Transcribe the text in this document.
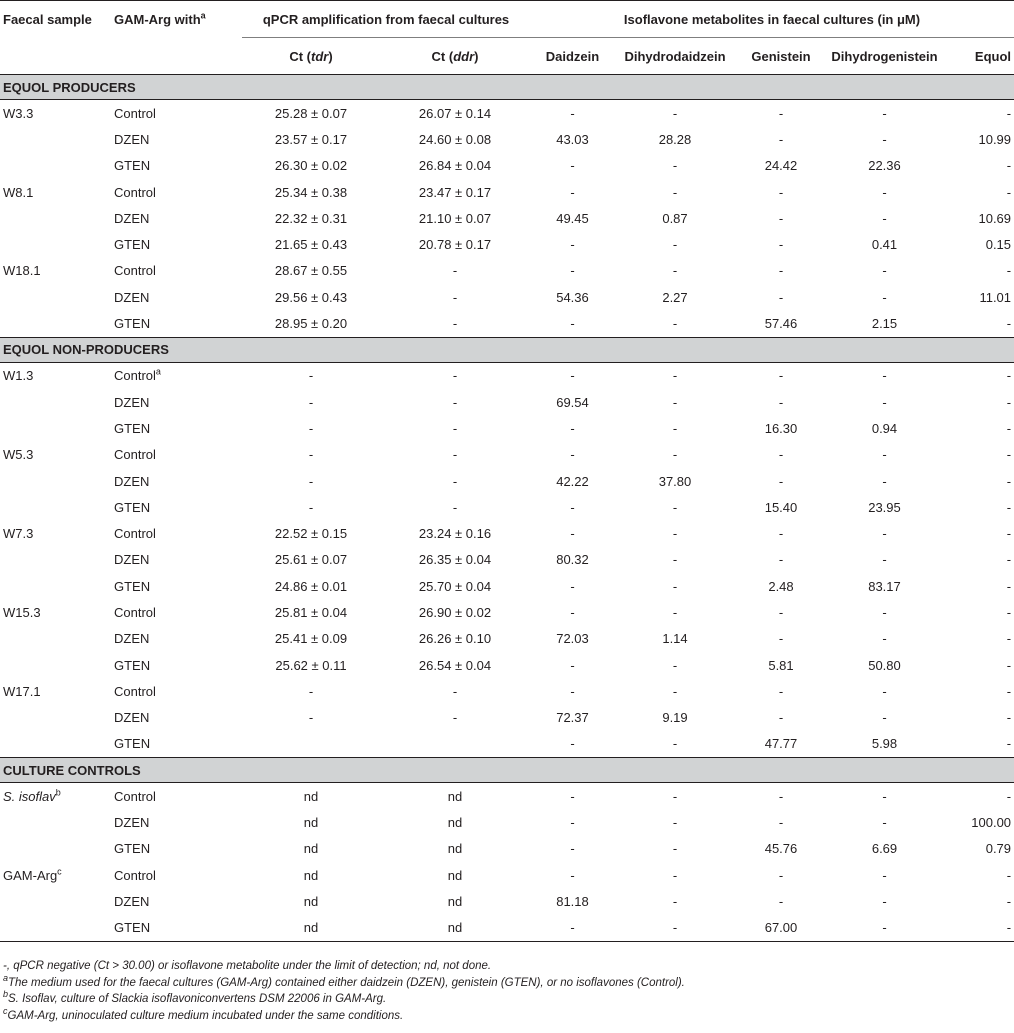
Faecal sample	GAM-Arg with$^a$	qPCR amplification from faecal cultures		Isoflavone metabolites in faecal cultures (in μM)				
		Ct (tdr)	Ct (ddr)	Daidzein	Dihydrodaidzein	Genistein	Dihydrogenistein	Equol
EQUOL PRODUCERS								
W3.3	Control	25.28 ± 0.07	26.07 ± 0.14	-	-	-	-	-
	DZEN	23.57 ± 0.17	24.60 ± 0.08	43.03	28.28	-	-	10.99
	GTEN	26.30 ± 0.02	26.84 ± 0.04	-	-	24.42	22.36	-
W8.1	Control	25.34 ± 0.38	23.47 ± 0.17	-	-	-	-	-
	DZEN	22.32 ± 0.31	21.10 ± 0.07	49.45	0.87	-	-	10.69
	GTEN	21.65 ± 0.43	20.78 ± 0.17	-	-	-	0.41	0.15
W18.1	Control	28.67 ± 0.55	-	-	-	-	-	-
	DZEN	29.56 ± 0.43	-	54.36	2.27	-	-	11.01
	GTEN	28.95 ± 0.20	-	-	-	57.46	2.15	-
EQUOL NON-PRODUCERS								
W1.3	Control$^a$	-	-	-	-	-	-	-
	DZEN	-	-	69.54	-	-	-	-
	GTEN	-	-	-	-	16.30	0.94	-
W5.3	Control	-	-	-	-	-	-	-
	DZEN	-	-	42.22	37.80	-	-	-
	GTEN	-	-	-	-	15.40	23.95	-
W7.3	Control	22.52 ± 0.15	23.24 ± 0.16	-	-	-	-	-
	DZEN	25.61 ± 0.07	26.35 ± 0.04	80.32	-	-	-	-
	GTEN	24.86 ± 0.01	25.70 ± 0.04	-	-	2.48	83.17	-
W15.3	Control	25.81 ± 0.04	26.90 ± 0.02	-	-	-	-	-
	DZEN	25.41 ± 0.09	26.26 ± 0.10	72.03	1.14	-	-	-
	GTEN	25.62 ± 0.11	26.54 ± 0.04	-	-	5.81	50.80	-
W17.1	Control	-	-	-	-	-	-	-
	DZEN	-	-	72.37	9.19	-	-	-
	GTEN			-	-	47.77	5.98	-
CULTURE CONTROLS								
S. isoflav$^b$	Control	nd	nd	-	-	-	-	-
	DZEN	nd	nd	-	-	-	-	100.00
	GTEN	nd	nd	-	-	45.76	6.69	0.79
GAM-Arg$^c$	Control	nd	nd	-	-	-	-	-
	DZEN	nd	nd	81.18	-	-	-	-
	GTEN	nd	nd	-	-	67.00	-	-
-, qPCR negative (Ct > 30.00) or isoflavone metabolite under the limit of detection; nd, not done.
$^a$The medium used for the faecal cultures (GAM-Arg) contained either daidzein (DZEN), genistein (GTEN), or no isoflavones (Control).
$^b$S. Isoflav, culture of Slackia isoflavoniconvertens DSM 22006 in GAM-Arg.
$^c$GAM-Arg, uninoculated culture medium incubated under the same conditions.
